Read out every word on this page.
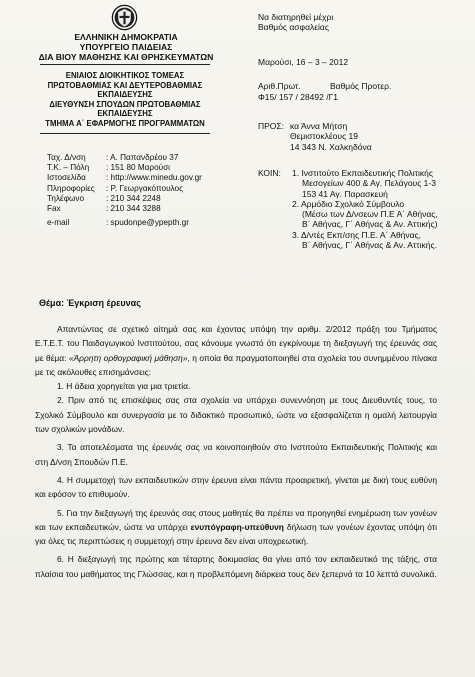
ΕΛΛΗΝΙΚΗ ΔΗΜΟΚΡΑΤΙΑ
ΥΠΟΥΡΓΕΙΟ ΠΑΙΔΕΙΑΣ
ΔΙΑ ΒΙΟΥ ΜΑΘΗΣΗΣ ΚΑΙ ΘΡΗΣΚΕΥΜΑΤΩΝ
ΕΝΙΑΙΟΣ ΔΙΟΙΚΗΤΙΚΟΣ ΤΟΜΕΑΣ
ΠΡΩΤΟΒΑΘΜΙΑΣ ΚΑΙ ΔΕΥΤΕΡΟΒΑΘΜΙΑΣ
ΕΚΠΑΙΔΕΥΣΗΣ
ΔΙΕΥΘΥΝΣΗ ΣΠΟΥΔΩΝ ΠΡΩΤΟΒΑΘΜΙΑΣ
ΕΚΠΑΙΔΕΥΣΗΣ
ΤΜΗΜΑ Α΄ ΕΦΑΡΜΟΓΗΣ ΠΡΟΓΡΑΜΜΑΤΩΝ
Ταχ. Δ/νση	: Α. Παπανδρέου 37
Τ.Κ. – Πόλη	: 151 80 Μαρούσι
Ιστοσελίδα	: http://www.minedu.gov.gr
Πληροφορίες	: Ρ. Γεωργακόπουλος
Τηλέφωνο	: 210 344 2248
Fax	: 210 344 3288
e-mail	: spudonpe@ypepth.gr
Να διατηρηθεί μέχρι
Βαθμός ασφαλείας
Μαρούσι, 16 – 3 – 2012
Αριθ.Πρωτ.	Βαθμός Προτερ.
Φ15/ 157 / 28492 /Γ1
ΠΡΟΣ: κα Άννα Μήτση
Θεμιστοκλέους 19
14 343 Ν. Χαλκηδόνα
ΚΟΙΝ:	1. Ινστιτούτο Εκπαιδευτικής Πολιτικής
Μεσογείων 400 & Αγ. Πελάγους 1-3
153 41 Αγ. Παρασκευή
2. Αρμόδιο Σχολικό Σύμβουλο
(Μέσω των Δ/νσεων Π.Ε Α΄ Αθήνας,
Β΄ Αθήνας, Γ΄ Αθήνας & Αν. Αττικής)
3. Δ/ντές Εκπ/σης Π.Ε. Α΄ Αθήνας,
Β΄ Αθήνας, Γ΄ Αθήνας & Αν. Αττικής.
Θέμα: Έγκριση έρευνας

Απαντώντας σε σχετικό αίτημά σας και έχοντας υπόψη την αριθμ. 2/2012 πράξη του Τμήματος Ε.Τ.Ε.Τ. του Παιδαγωγικού Ινστιτούτου, σας κάνουμε γνωστό ότι εγκρίνουμε τη διεξαγωγή της έρευνάς σας με θέμα: «Άρρητη ορθογραφική μάθηση», η οποία θα πραγματοποιηθεί στα σχολεία του συνημμένου πίνακα με τις ακόλουθες επισημάνσεις:

1. Η άδεια χορηγείται για μια τριετία.

2. Πριν από τις επισκέψεις σας στα σχολεία να υπάρχει συνεννόηση με τους Διευθυντές τους, το Σχολικό Σύμβουλο και συνεργασία με το διδακτικό προσωπικό, ώστε να εξασφαλίζεται η ομαλή λειτουργία των σχολικών μονάδων.

3. Τα αποτελέσματα της έρευνάς σας να κοινοποιηθούν στο Ινστιτούτο Εκπαιδευτικής Πολιτικής και στη Δ/νση Σπουδών Π.Ε.

4. Η συμμετοχή των εκπαιδευτικών στην έρευνα είναι πάντα προαιρετική, γίνεται με δική τους ευθύνη και εφόσον το επιθυμούν.

5. Για την διεξαγωγή της έρευνάς σας στους μαθητές θα πρέπει να προηγηθεί ενημέρωση των γονέων και των εκπαιδευτικών, ώστε να υπάρχει ενυπόγραφη-υπεύθυνη δήλωση των γονέων έχοντας υπόψη ότι για όλες τις περιπτώσεις η συμμετοχή στην έρευνα δεν είναι υποχρεωτική.

6. Η διεξαγωγή της πρώτης και τέταρτης δοκιμασίας θα γίνει από τον εκπαιδευτικό της τάξης, στα πλαίσια του μαθήματος της Γλώσσας, και η προβλεπόμενη διάρκεια τους δεν ξεπερνά τα 10 λεπτά συνολικά.
